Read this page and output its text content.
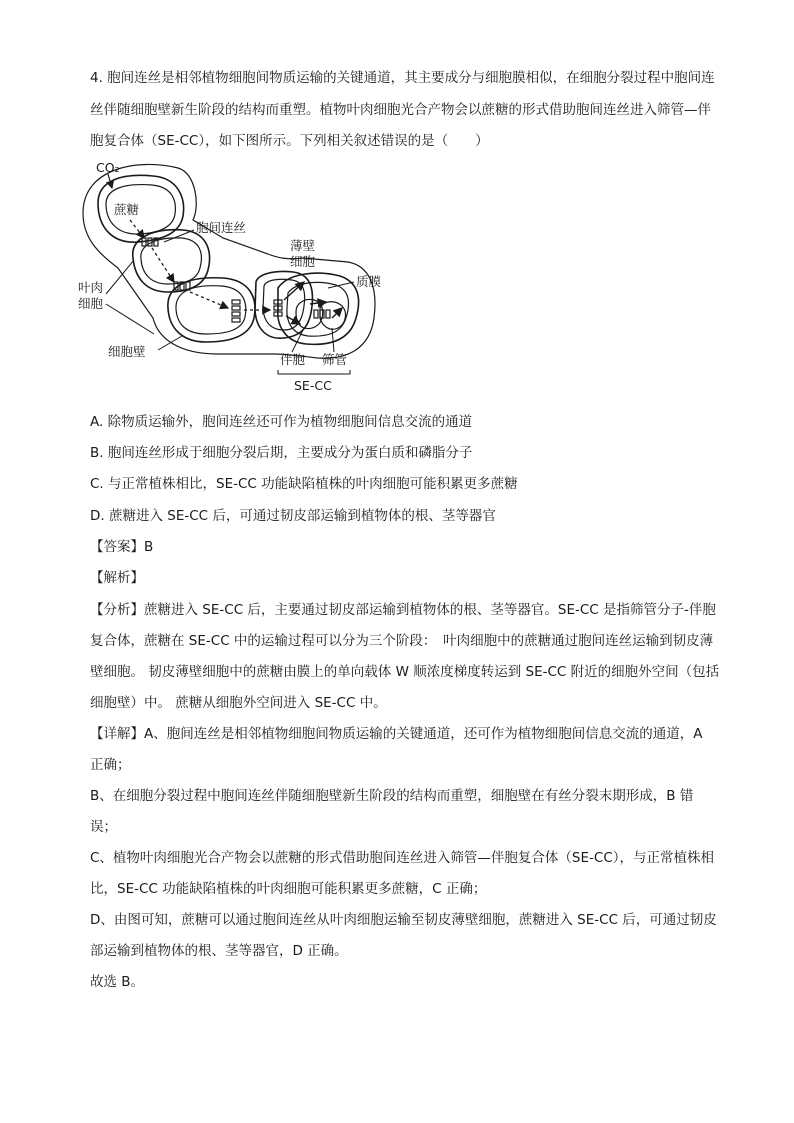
4. 胞间连丝是相邻植物细胞间物质运输的关键通道，其主要成分与细胞膜相似，在细胞分裂过程中胞间连
丝伴随细胞壁新生阶段的结构而重塑。植物叶肉细胞光合产物会以蔗糖的形式借助胞间连丝进入筛管—伴
胞复合体（SE-CC），如下图所示。下列相关叙述错误的是（　　）
CO₂
蔗糖
胞间连丝
薄壁
细胞
质膜
叶肉
细胞
细胞壁
伴胞 筛管
SE-CC
A. 除物质运输外，胞间连丝还可作为植物细胞间信息交流的通道
B. 胞间连丝形成于细胞分裂后期，主要成分为蛋白质和磷脂分子
C. 与正常植株相比，SE-CC 功能缺陷植株的叶肉细胞可能积累更多蔗糖
D. 蔗糖进入 SE-CC 后，可通过韧皮部运输到植物体的根、茎等器官
【答案】B
【解析】
【分析】蔗糖进入 SE-CC 后，主要通过韧皮部运输到植物体的根、茎等器官。SE-CC 是指筛管分子-伴胞
复合体，蔗糖在 SE-CC 中的运输过程可以分为三个阶段：　叶肉细胞中的蔗糖通过胞间连丝运输到韧皮薄
壁细胞。 韧皮薄壁细胞中的蔗糖由膜上的单向载体 W 顺浓度梯度转运到 SE-CC 附近的细胞外空间（包括
细胞壁）中。 蔗糖从细胞外空间进入 SE-CC 中。
【详解】A、胞间连丝是相邻植物细胞间物质运输的关键通道，还可作为植物细胞间信息交流的通道，A
正确；
B、在细胞分裂过程中胞间连丝伴随细胞壁新生阶段的结构而重塑，细胞壁在有丝分裂末期形成，B 错
误；
C、植物叶肉细胞光合产物会以蔗糖的形式借助胞间连丝进入筛管—伴胞复合体（SE-CC），与正常植株相
比，SE-CC 功能缺陷植株的叶肉细胞可能积累更多蔗糖，C 正确；
D、由图可知，蔗糖可以通过胞间连丝从叶肉细胞运输至韧皮薄壁细胞，蔗糖进入 SE-CC 后，可通过韧皮
部运输到植物体的根、茎等器官，D 正确。
故选 B。
